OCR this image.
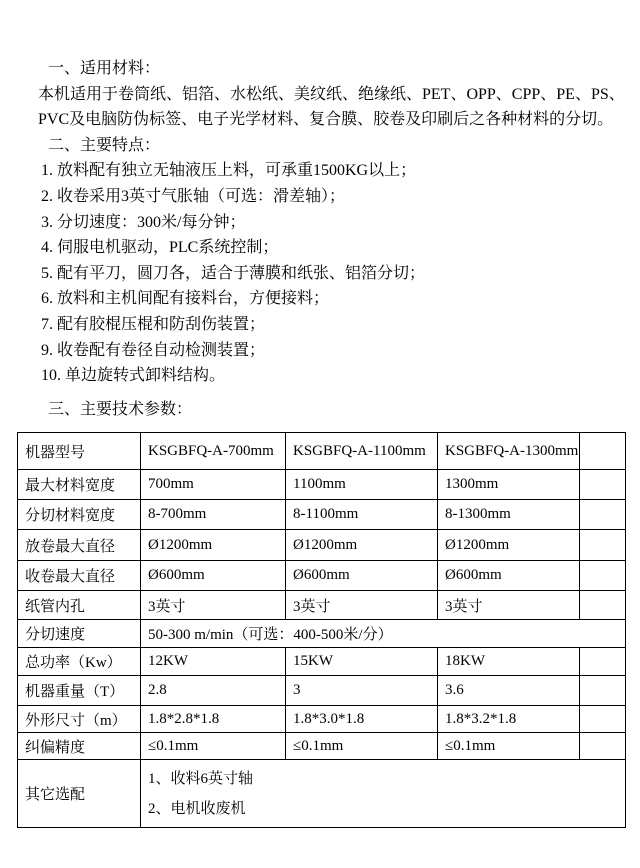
一、适用材料：
本机适用于卷筒纸、铝箔、水松纸、美纹纸、绝缘纸、PET、OPP、CPP、PE、PS、
PVC及电脑防伪标签、电子光学材料、复合膜、胶卷及印刷后之各种材料的分切。
二、主要特点：
1. 放料配有独立无轴液压上料，可承重1500KG以上；
2. 收卷采用3英寸气胀轴（可选：滑差轴）；
3. 分切速度：300米/每分钟；
4. 伺服电机驱动，PLC系统控制；
5. 配有平刀，圆刀各，适合于薄膜和纸张、铝箔分切；
6. 放料和主机间配有接料台，方便接料；
7. 配有胶棍压棍和防刮伤装置；
9. 收卷配有卷径自动检测装置；
10. 单边旋转式卸料结构。
三、主要技术参数：
机器型号	KSGBFQ-A-700mm	KSGBFQ-A-1100mm	KSGBFQ-A-1300mm	
最大材料宽度	700mm	1100mm	1300mm	
分切材料宽度	8-700mm	8-1100mm	8-1300mm	
放卷最大直径	Ø1200mm	Ø1200mm	Ø1200mm	
收卷最大直径	Ø600mm	Ø600mm	Ø600mm	
纸管内孔	3英寸	3英寸	3英寸	
分切速度	50-300 m/min（可选：400-500米/分）			
总功率（Kw）	12KW	15KW	18KW	
机器重量（T）	2.8	3	3.6	
外形尺寸（m）	1.8*2.8*1.8	1.8*3.0*1.8	1.8*3.2*1.8	
纠偏精度	≤0.1mm	≤0.1mm	≤0.1mm	
其它选配	1、收料6英寸轴
2、电机收废机			
